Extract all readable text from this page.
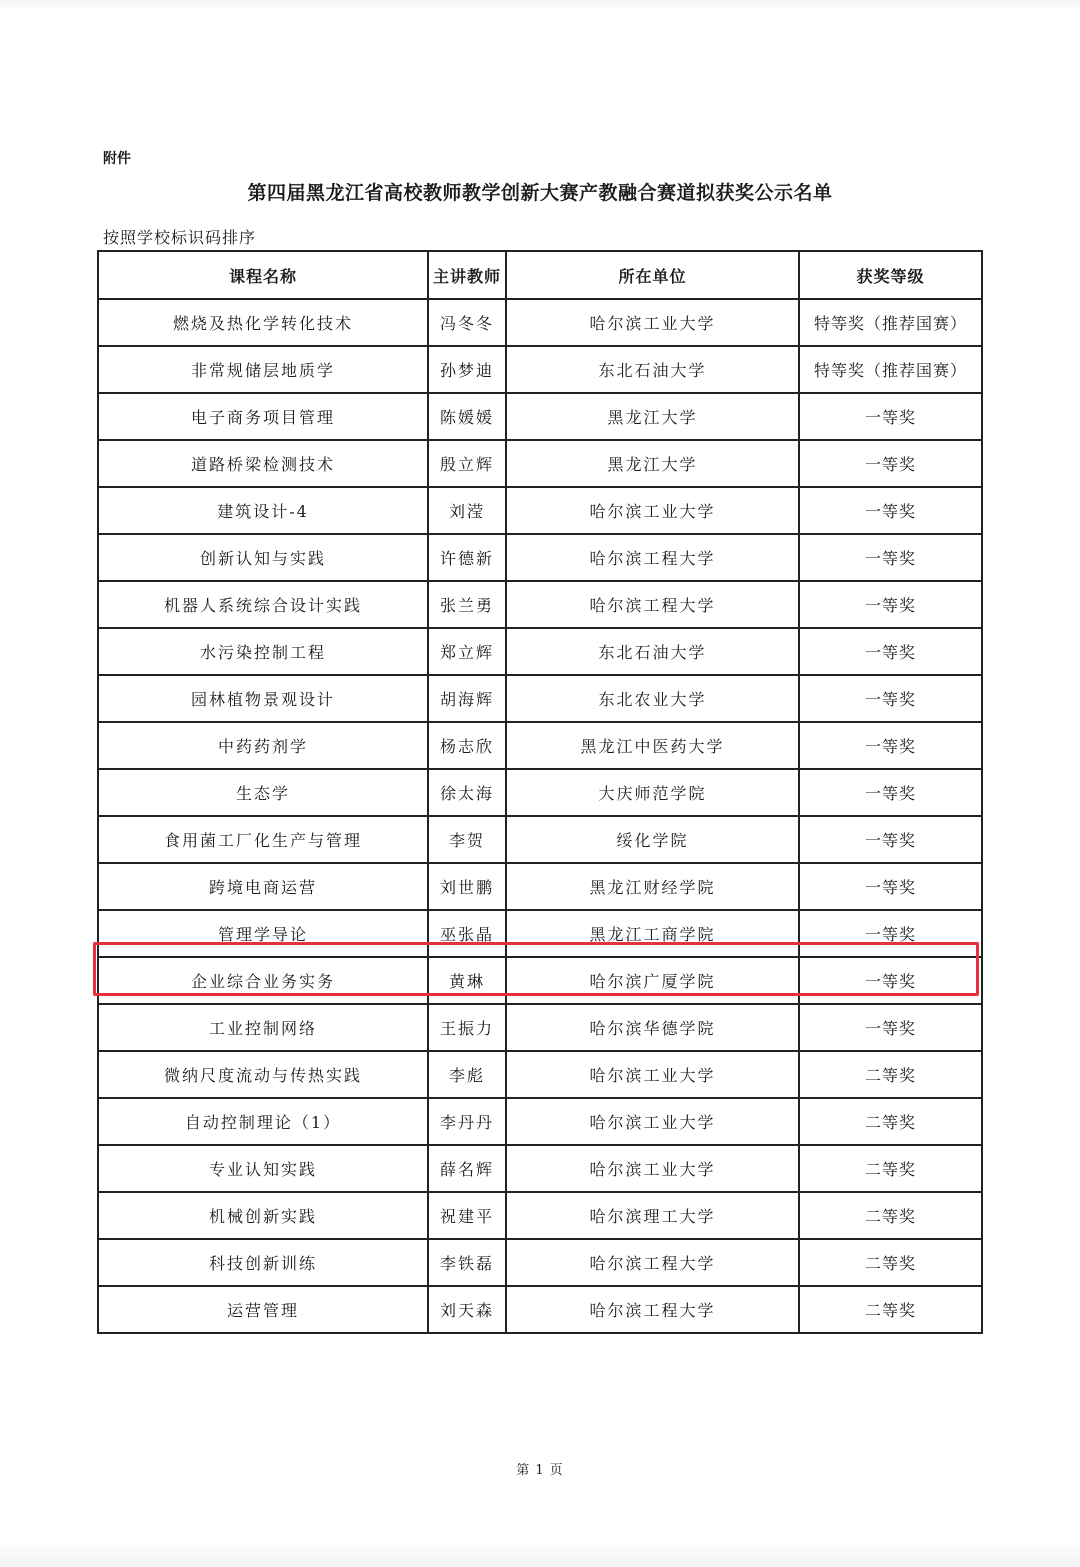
附件
第四届黑龙江省高校教师教学创新大赛产教融合赛道拟获奖公示名单
按照学校标识码排序
课程名称	主讲教师	所在单位	获奖等级
燃烧及热化学转化技术	冯冬冬	哈尔滨工业大学	特等奖（推荐国赛）
非常规储层地质学	孙梦迪	东北石油大学	特等奖（推荐国赛）
电子商务项目管理	陈媛媛	黑龙江大学	一等奖
道路桥梁检测技术	殷立辉	黑龙江大学	一等奖
建筑设计-4	刘滢	哈尔滨工业大学	一等奖
创新认知与实践	许德新	哈尔滨工程大学	一等奖
机器人系统综合设计实践	张兰勇	哈尔滨工程大学	一等奖
水污染控制工程	郑立辉	东北石油大学	一等奖
园林植物景观设计	胡海辉	东北农业大学	一等奖
中药药剂学	杨志欣	黑龙江中医药大学	一等奖
生态学	徐太海	大庆师范学院	一等奖
食用菌工厂化生产与管理	李贺	绥化学院	一等奖
跨境电商运营	刘世鹏	黑龙江财经学院	一等奖
管理学导论	巫张晶	黑龙江工商学院	一等奖
企业综合业务实务	黄琳	哈尔滨广厦学院	一等奖
工业控制网络	王振力	哈尔滨华德学院	一等奖
微纳尺度流动与传热实践	李彪	哈尔滨工业大学	二等奖
自动控制理论（1）	李丹丹	哈尔滨工业大学	二等奖
专业认知实践	薛名辉	哈尔滨工业大学	二等奖
机械创新实践	祝建平	哈尔滨理工大学	二等奖
科技创新训练	李铁磊	哈尔滨工程大学	二等奖
运营管理	刘天森	哈尔滨工程大学	二等奖
第 1 页
